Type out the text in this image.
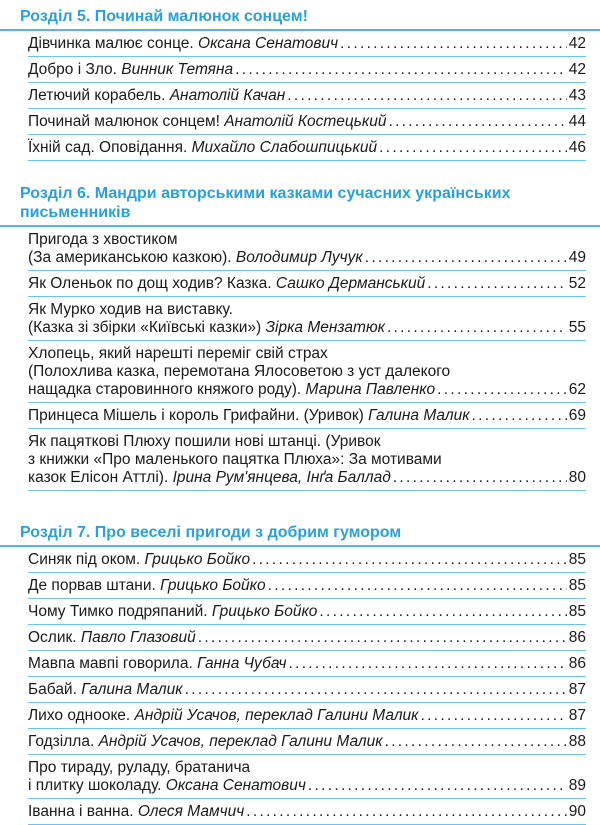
Розділ 5. Починай малюнок сонцем!
Дівчинка малює сонце. Оксана Сенатович . . .	42
Добро і Зло. Винник Тетяна . . .	42
Летючий корабель. Анатолій Качан . . .	43
Починай малюнок сонцем! Анатолій Костецький . . .	44
Їхній сад. Оповідання. Михайло Слабошпицький . . .	46
Розділ 6. Мандри авторськими казками сучасних українських письменників
Пригода з хвостиком
(За американською казкою). Володимир Лучук . . .	49
Як Оленьок по дощ ходив? Казка. Сашко Дерманський . . .	52
Як Мурко ходив на виставку.
(Казка зі збірки «Київські казки») Зірка Мензатюк . . .	55
Хлопець, який нарешті переміг свій страх
(Полохлива казка, перемотана Ялосоветою з уст далекого
нащадка старовинного княжого роду). Марина Павленко . . .	62
Принцеса Мішель і король Грифайни. (Уривок) Галина Малик . . .	69
Як пацяткові Плюху пошили нові штанці. (Уривок
з книжки «Про маленького пацятка Плюха»: За мотивами
казок Елісон Аттлі). Ірина Рум'янцева, Інґа Баллад . . .	80
Розділ 7. Про веселі пригоди з добрим гумором
Синяк під оком. Грицько Бойко . . .	85
Де порвав штани. Грицько Бойко . . .	85
Чому Тимко подряпаний. Грицько Бойко . . .	85
Ослик. Павло Глазовий . . .	86
Мавпа мавпі говорила. Ганна Чубач . . .	86
Бабай. Галина Малик . . .	87
Лихо одноокe. Андрій Усачов, переклад Галини Малик . . .	87
Годзілла. Андрій Усачов, переклад Галини Малик . . .	88
Про тираду, руладу, братанича
і плитку шоколаду. Оксана Сенатович . . .	89
Іванна і ванна. Олеся Мамчич . . .	90
